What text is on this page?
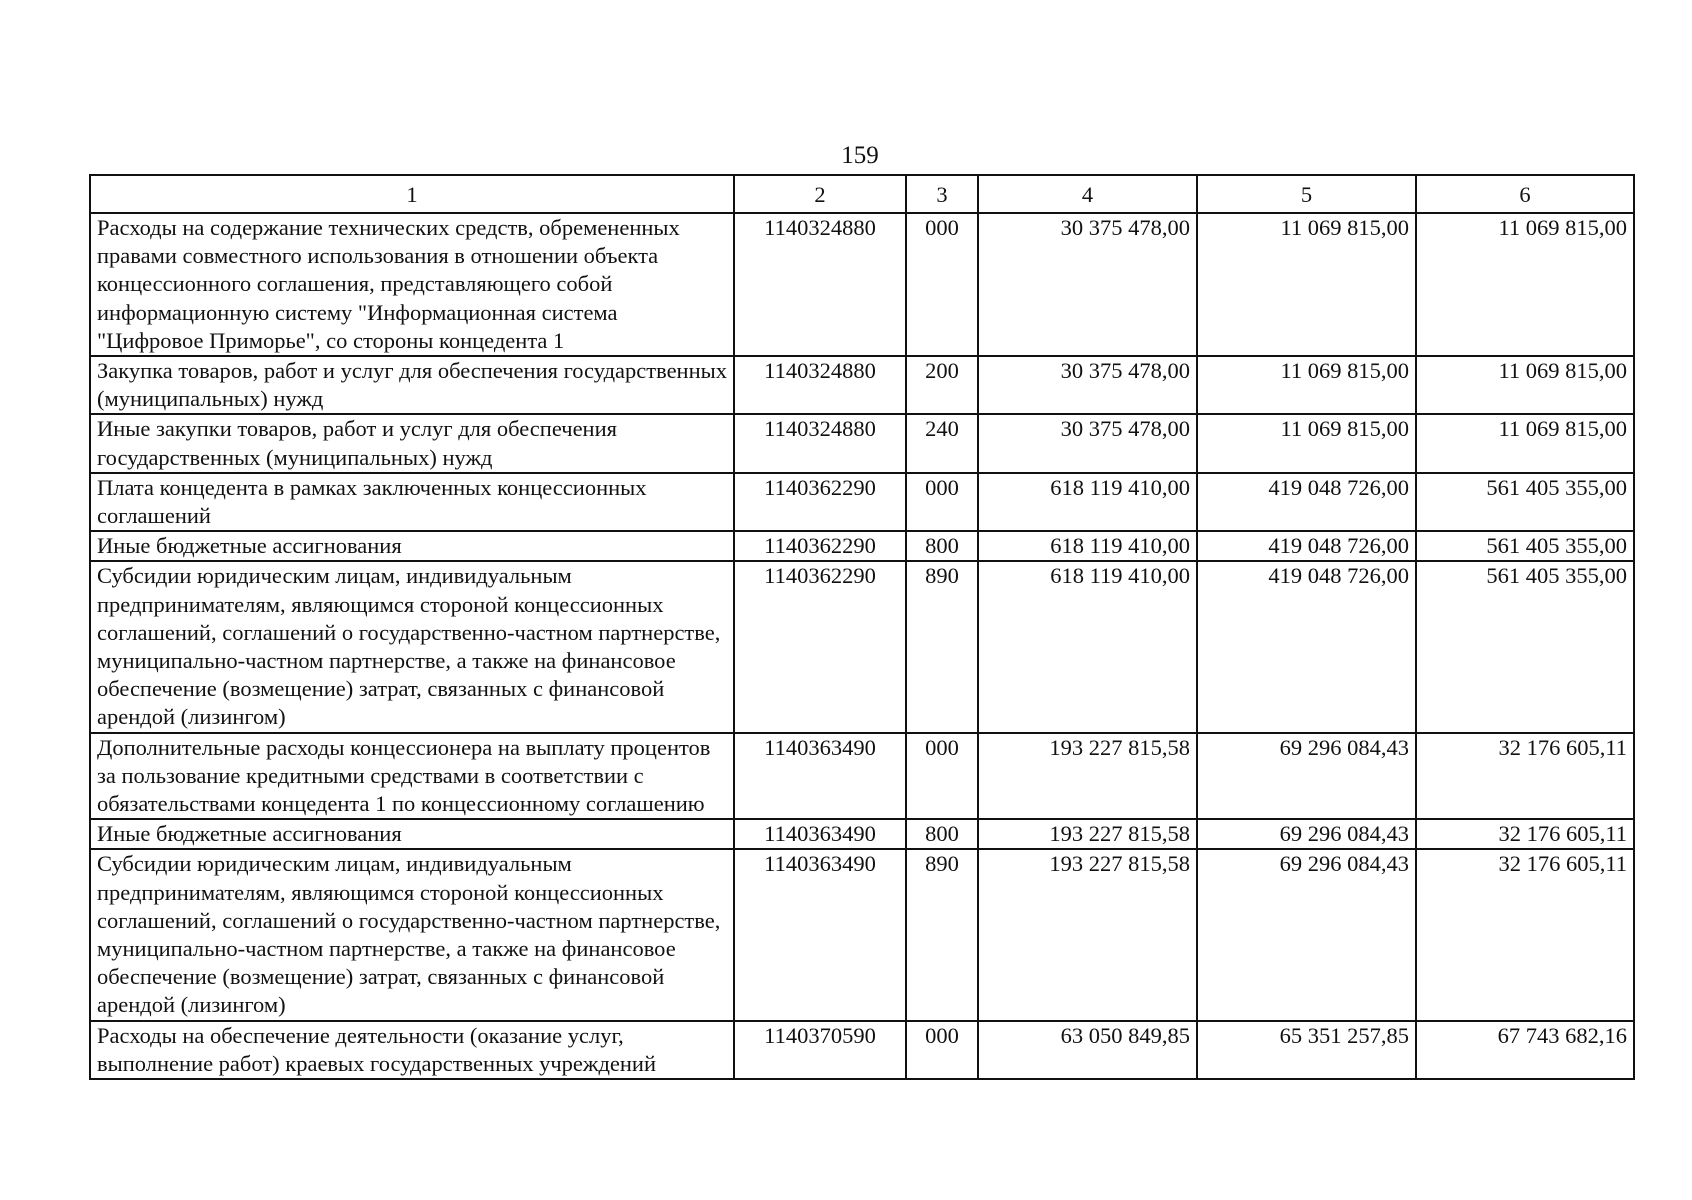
159
1	2	3	4	5	6
Расходы на содержание технических средств, обремененных правами совместного использования в отношении объекта концессионного соглашения, представляющего собой информационную систему "Информационная система "Цифровое Приморье", со стороны концедента 1	1140324880	000	30 375 478,00	11 069 815,00	11 069 815,00
Закупка товаров, работ и услуг для обеспечения государственных (муниципальных) нужд	1140324880	200	30 375 478,00	11 069 815,00	11 069 815,00
Иные закупки товаров, работ и услуг для обеспечения государственных (муниципальных) нужд	1140324880	240	30 375 478,00	11 069 815,00	11 069 815,00
Плата концедента в рамках заключенных концессионных соглашений	1140362290	000	618 119 410,00	419 048 726,00	561 405 355,00
Иные бюджетные ассигнования	1140362290	800	618 119 410,00	419 048 726,00	561 405 355,00
Субсидии юридическим лицам, индивидуальным предпринимателям, являющимся стороной концессионных соглашений, соглашений о государственно-частном партнерстве, муниципально-частном партнерстве, а также на финансовое обеспечение (возмещение) затрат, связанных с финансовой арендой (лизингом)	1140362290	890	618 119 410,00	419 048 726,00	561 405 355,00
Дополнительные расходы концессионера на выплату процентов за пользование кредитными средствами в соответствии с обязательствами концедента 1 по концессионному соглашению	1140363490	000	193 227 815,58	69 296 084,43	32 176 605,11
Иные бюджетные ассигнования	1140363490	800	193 227 815,58	69 296 084,43	32 176 605,11
Субсидии юридическим лицам, индивидуальным предпринимателям, являющимся стороной концессионных соглашений, соглашений о государственно-частном партнерстве, муниципально-частном партнерстве, а также на финансовое обеспечение (возмещение) затрат, связанных с финансовой арендой (лизингом)	1140363490	890	193 227 815,58	69 296 084,43	32 176 605,11
Расходы на обеспечение деятельности (оказание услуг, выполнение работ) краевых государственных учреждений	1140370590	000	63 050 849,85	65 351 257,85	67 743 682,16
